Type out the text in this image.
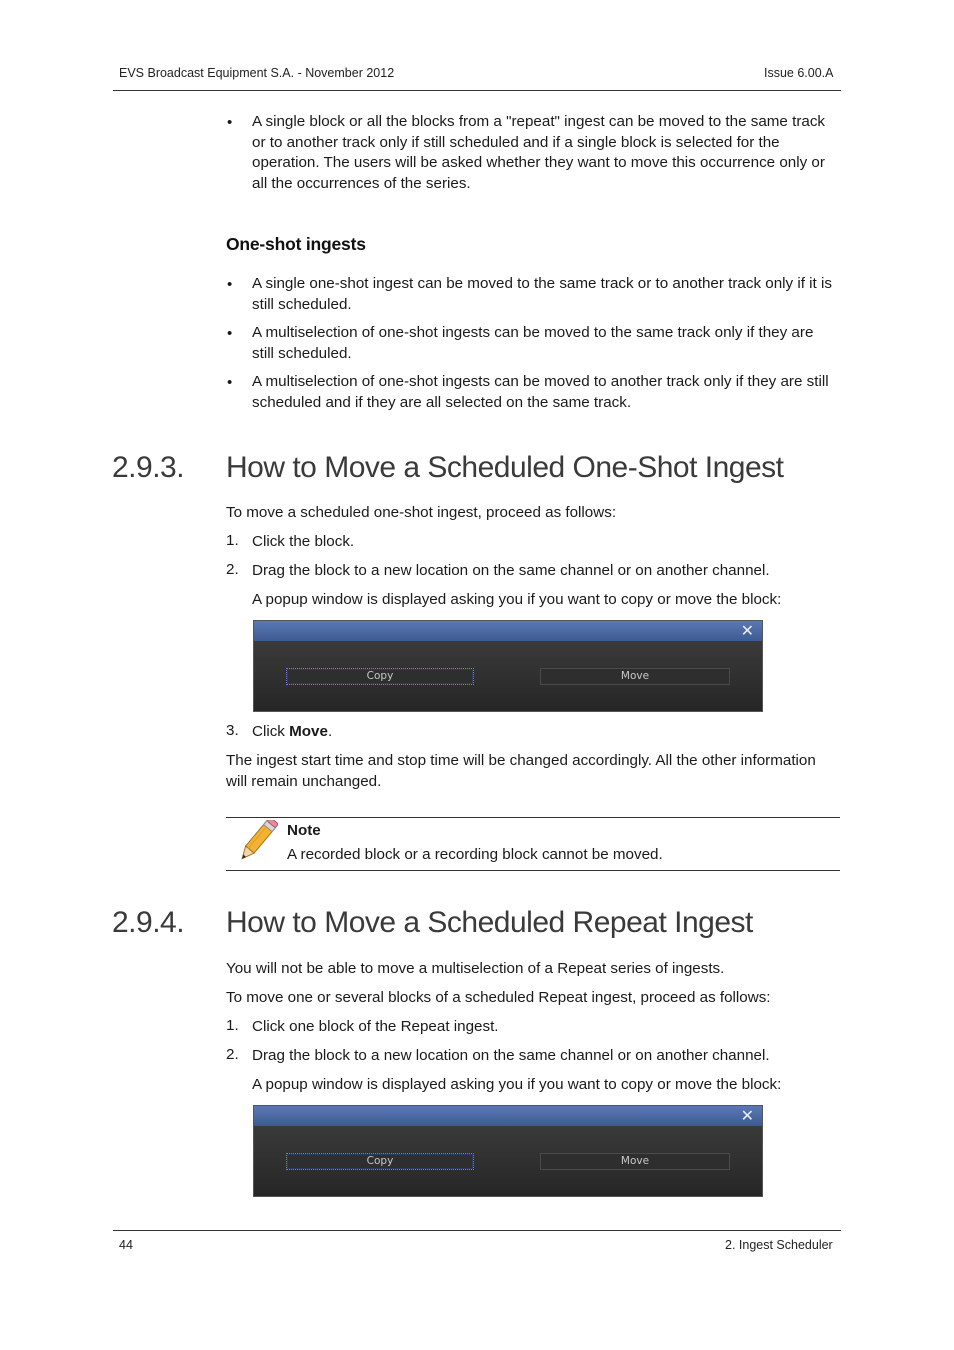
EVS Broadcast Equipment S.A. - November 2012	Issue 6.00.A
• A single block or all the blocks from a "repeat" ingest can be moved to the same track
or to another track only if still scheduled and if a single block is selected for the
operation. The users will be asked whether they want to move this occurrence only or
all the occurrences of the series.
One-shot ingests
• A single one-shot ingest can be moved to the same track or to another track only if it is
still scheduled.
• A multiselection of one-shot ingests can be moved to the same track only if they are
still scheduled.
• A multiselection of one-shot ingests can be moved to another track only if they are still
scheduled and if they are all selected on the same track.
2.9.3. How to Move a Scheduled One-Shot Ingest
To move a scheduled one-shot ingest, proceed as follows:
1. Click the block.
2. Drag the block to a new location on the same channel or on another channel.
A popup window is displayed asking you if you want to copy or move the block:
✕
Copy	Move
3. Click Move.
The ingest start time and stop time will be changed accordingly. All the other information
will remain unchanged.
Note
A recorded block or a recording block cannot be moved.
2.9.4. How to Move a Scheduled Repeat Ingest
You will not be able to move a multiselection of a Repeat series of ingests.
To move one or several blocks of a scheduled Repeat ingest, proceed as follows:
1. Click one block of the Repeat ingest.
2. Drag the block to a new location on the same channel or on another channel.
A popup window is displayed asking you if you want to copy or move the block:
✕
Copy	Move
44	2. Ingest Scheduler
